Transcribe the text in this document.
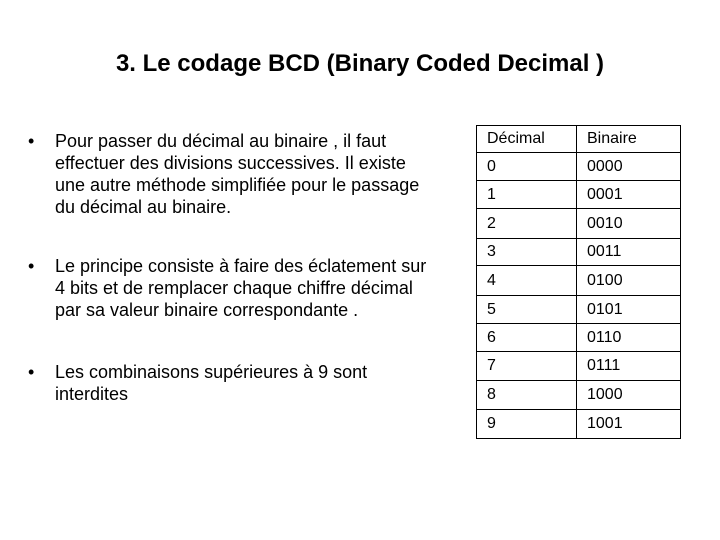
3. Le codage BCD (Binary Coded Decimal )
• Pour passer du décimal au binaire , il faut effectuer des divisions successives. Il existe une autre méthode simplifiée pour le passage du décimal au binaire.
• Le principe consiste à faire des éclatement sur 4 bits et de remplacer chaque chiffre décimal par sa valeur binaire correspondante .
• Les combinaisons supérieures à 9 sont interdites
Décimal	Binaire
0	0000
1	0001
2	0010
3	0011
4	0100
5	0101
6	0110
7	0111
8	1000
9	1001
